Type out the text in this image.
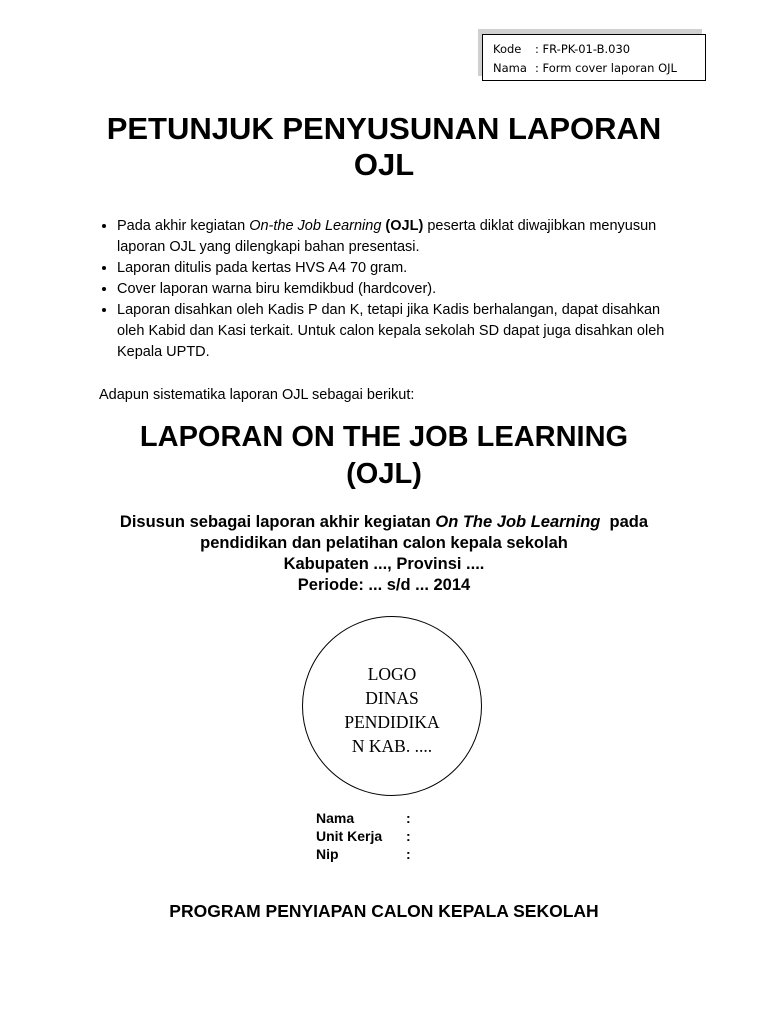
Kode	: FR-PK-01-B.030
Nama : Form cover laporan OJL
PETUNJUK PENYUSUNAN LAPORAN
OJL
• Pada akhir kegiatan On-the Job Learning (OJL) peserta diklat diwajibkan menyusun laporan OJL yang dilengkapi bahan presentasi.
• Laporan ditulis pada kertas HVS A4 70 gram.
• Cover laporan warna biru kemdikbud (hardcover).
• Laporan disahkan oleh Kadis P dan K, tetapi jika Kadis berhalangan, dapat disahkan oleh Kabid dan Kasi terkait. Untuk calon kepala sekolah SD dapat juga disahkan oleh Kepala UPTD.
Adapun sistematika laporan OJL sebagai berikut:
LAPORAN ON THE JOB LEARNING
(OJL)
Disusun sebagai laporan akhir kegiatan On The Job Learning  pada
pendidikan dan pelatihan calon kepala sekolah
Kabupaten ..., Provinsi ....
Periode: ... s/d ... 2014
LOGO DINAS PENDIDIKA N KAB. ....
Nama	:
Unit Kerja	:
Nip	:
PROGRAM PENYIAPAN CALON KEPALA SEKOLAH
